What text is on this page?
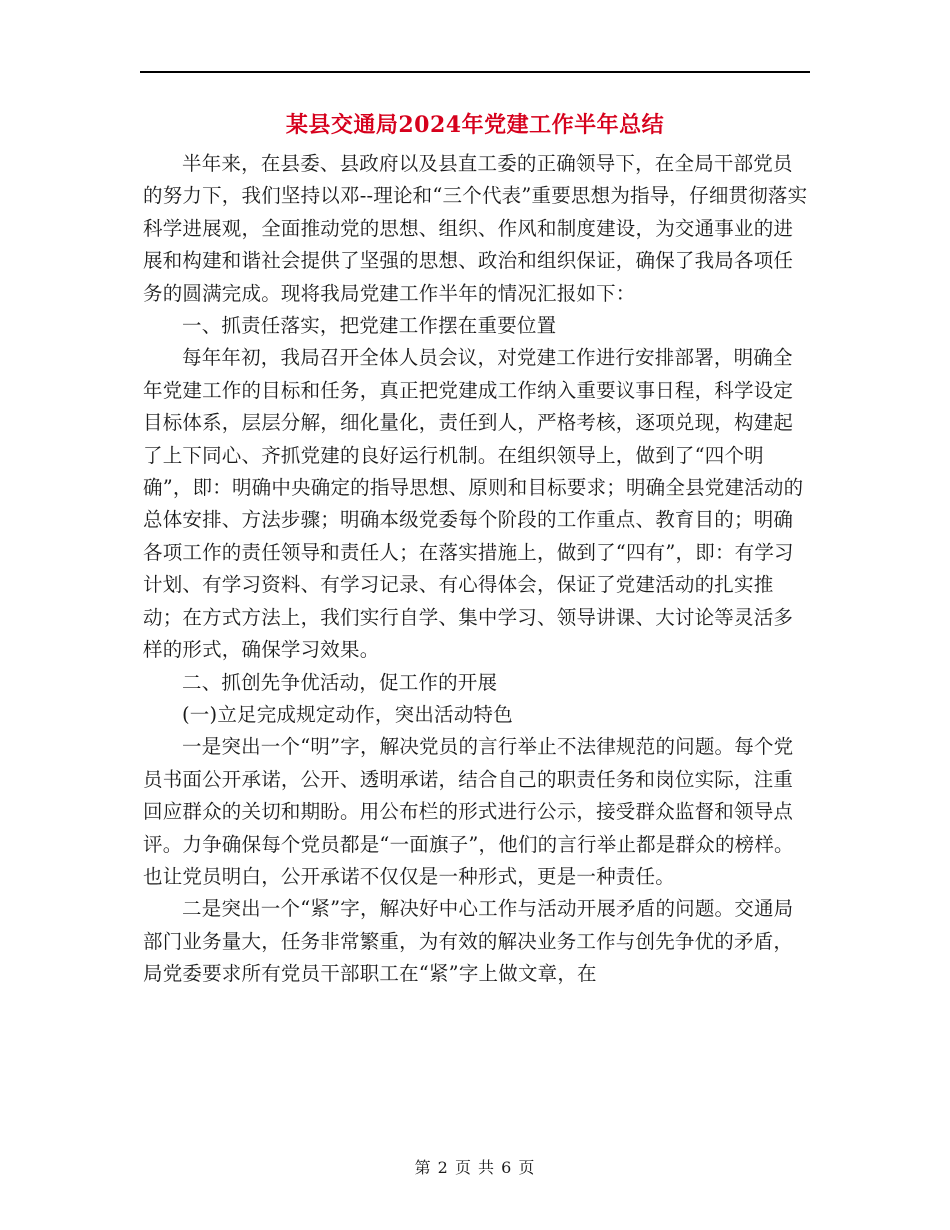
某县交通局2024年党建工作半年总结

半年来，在县委、县政府以及县直工委的正确领导下，在全局干部党员的努力下，我们坚持以邓--理论和“三个代表”重要思想为指导，仔细贯彻落实科学进展观，全面推动党的思想、组织、作风和制度建设，为交通事业的进展和构建和谐社会提供了坚强的思想、政治和组织保证，确保了我局各项任务的圆满完成。现将我局党建工作半年的情况汇报如下：

一、抓责任落实，把党建工作摆在重要位置

每年年初，我局召开全体人员会议，对党建工作进行安排部署，明确全年党建工作的目标和任务，真正把党建成工作纳入重要议事日程，科学设定目标体系，层层分解，细化量化，责任到人，严格考核，逐项兑现，构建起了上下同心、齐抓党建的良好运行机制。在组织领导上，做到了“四个明确”，即：明确中央确定的指导思想、原则和目标要求；明确全县党建活动的总体安排、方法步骤；明确本级党委每个阶段的工作重点、教育目的；明确各项工作的责任领导和责任人；在落实措施上，做到了“四有”，即：有学习计划、有学习资料、有学习记录、有心得体会，保证了党建活动的扎实推动；在方式方法上，我们实行自学、集中学习、领导讲课、大讨论等灵活多样的形式，确保学习效果。

二、抓创先争优活动，促工作的开展

(一)立足完成规定动作，突出活动特色

一是突出一个“明”字，解决党员的言行举止不法律规范的问题。每个党员书面公开承诺，公开、透明承诺，结合自己的职责任务和岗位实际，注重回应群众的关切和期盼。用公布栏的形式进行公示，接受群众监督和领导点评。力争确保每个党员都是“一面旗子”，他们的言行举止都是群众的榜样。也让党员明白，公开承诺不仅仅是一种形式，更是一种责任。

二是突出一个“紧”字，解决好中心工作与活动开展矛盾的问题。交通局部门业务量大，任务非常繁重，为有效的解决业务工作与创先争优的矛盾，局党委要求所有党员干部职工在“紧”字上做文章，在

第 2 页 共 6 页
